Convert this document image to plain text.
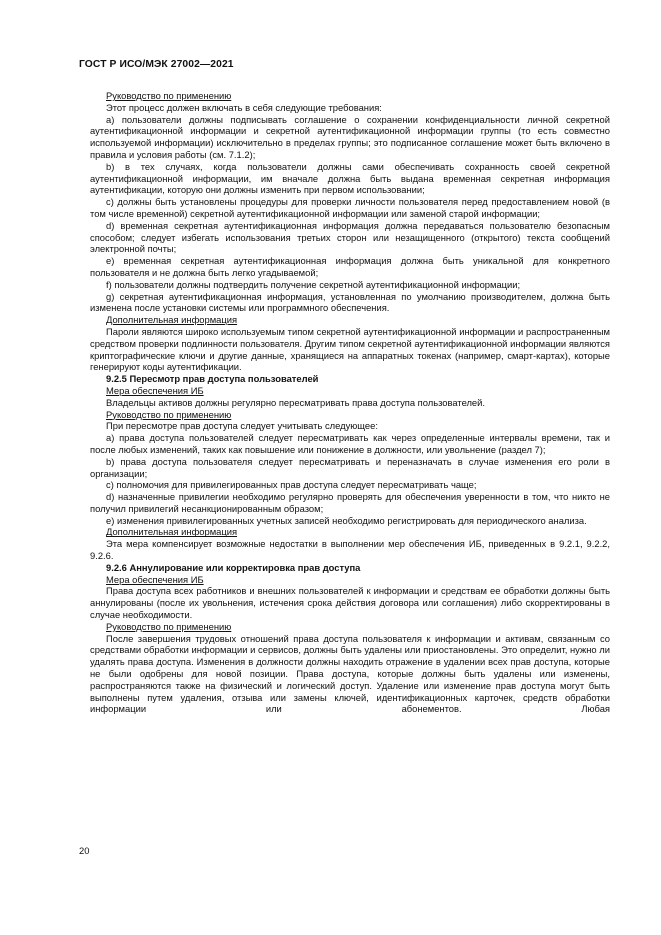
ГОСТ Р ИСО/МЭК 27002—2021
Руководство по применению

Этот процесс должен включать в себя следующие требования:

а) пользователи должны подписывать соглашение о сохранении конфиденциальности личной секретной аутентификационной информации и секретной аутентификационной информации группы (то есть совместно используемой информации) исключительно в пределах группы; это подписанное соглашение может быть включено в правила и условия работы (см. 7.1.2);

b) в тех случаях, когда пользователи должны сами обеспечивать сохранность своей секретной аутентификационной информации, им вначале должна быть выдана временная секретная информация аутентификации, которую они должны изменить при первом использовании;

c) должны быть установлены процедуры для проверки личности пользователя перед предоставлением новой (в том числе временной) секретной аутентификационной информации или заменой старой информации;

d) временная секретная аутентификационная информация должна передаваться пользователю безопасным способом; следует избегать использования третьих сторон или незащищенного (открытого) текста сообщений электронной почты;

e) временная секретная аутентификационная информация должна быть уникальной для конкретного пользователя и не должна быть легко угадываемой;

f) пользователи должны подтвердить получение секретной аутентификационной информации;

g) секретная аутентификационная информация, установленная по умолчанию производителем, должна быть изменена после установки системы или программного обеспечения.

Дополнительная информация

Пароли являются широко используемым типом секретной аутентификационной информации и распространенным средством проверки подлинности пользователя. Другим типом секретной аутентификационной информации являются криптографические ключи и другие данные, хранящиеся на аппаратных токенах (например, смарт-картах), которые генерируют коды аутентификации.

9.2.5 Пересмотр прав доступа пользователей
Мера обеспечения ИБ

Владельцы активов должны регулярно пересматривать права доступа пользователей.

Руководство по применению

При пересмотре прав доступа следует учитывать следующее:

а) права доступа пользователей следует пересматривать как через определенные интервалы времени, так и после любых изменений, таких как повышение или понижение в должности, или увольнение (раздел 7);

b) права доступа пользователя следует пересматривать и переназначать в случае изменения его роли в организации;

c) полномочия для привилегированных прав доступа следует пересматривать чаще;

d) назначенные привилегии необходимо регулярно проверять для обеспечения уверенности в том, что никто не получил привилегий несанкционированным образом;

e) изменения привилегированных учетных записей необходимо регистрировать для периодического анализа.

Дополнительная информация

Эта мера компенсирует возможные недостатки в выполнении мер обеспечения ИБ, приведенных в 9.2.1, 9.2.2, 9.2.6.

9.2.6 Аннулирование или корректировка прав доступа
Мера обеспечения ИБ

Права доступа всех работников и внешних пользователей к информации и средствам ее обработки должны быть аннулированы (после их увольнения, истечения срока действия договора или соглашения) либо скорректированы в случае необходимости.

Руководство по применению

После завершения трудовых отношений права доступа пользователя к информации и активам, связанным со средствами обработки информации и сервисов, должны быть удалены или приостановлены. Это определит, нужно ли удалять права доступа. Изменения в должности должны находить отражение в удалении всех прав доступа, которые не были одобрены для новой позиции. Права доступа, которые должны быть удалены или изменены, распространяются также на физический и логический доступ. Удаление или изменение прав доступа могут быть выполнены путем удаления, отзыва или замены ключей, идентификационных карточек, средств обработки информации или абонементов. Любая

20
